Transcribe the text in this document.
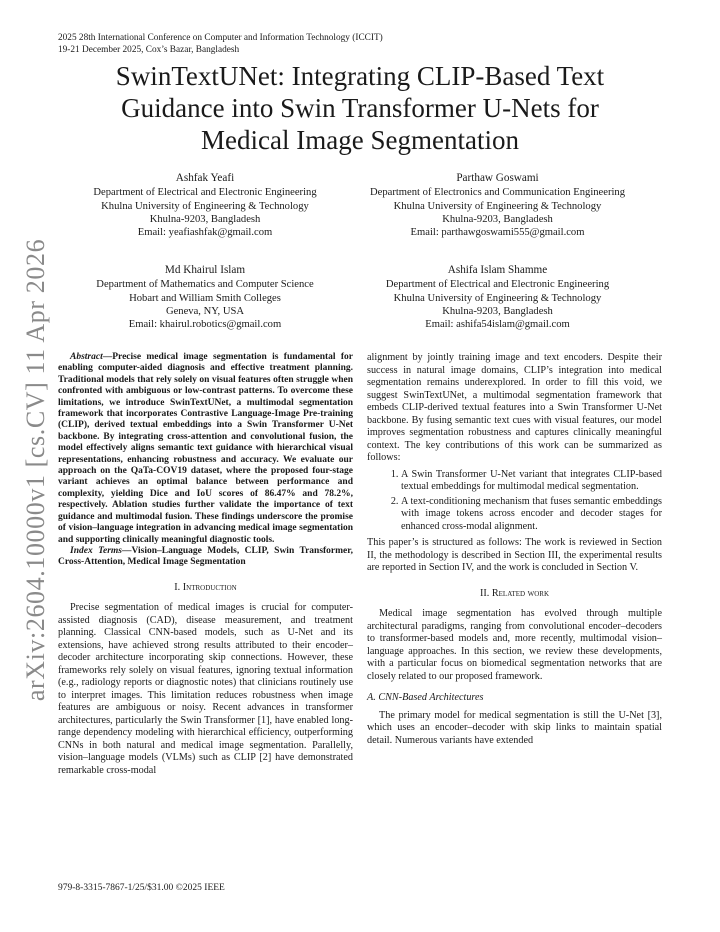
2025 28th International Conference on Computer and Information Technology (ICCIT)
19-21 December 2025, Cox’s Bazar, Bangladesh
arXiv:2604.10000v1 [cs.CV] 11 Apr 2026
SwinTextUNet: Integrating CLIP-Based Text
Guidance into Swin Transformer U-Nets for
Medical Image Segmentation
Ashfak Yeafi
Department of Electrical and Electronic Engineering
Khulna University of Engineering & Technology
Khulna-9203, Bangladesh
Email: yeafiashfak@gmail.com
Parthaw Goswami
Department of Electronics and Communication Engineering
Khulna University of Engineering & Technology
Khulna-9203, Bangladesh
Email: parthawgoswami555@gmail.com
Md Khairul Islam
Department of Mathematics and Computer Science
Hobart and William Smith Colleges
Geneva, NY, USA
Email: khairul.robotics@gmail.com
Ashifa Islam Shamme
Department of Electrical and Electronic Engineering
Khulna University of Engineering & Technology
Khulna-9203, Bangladesh
Email: ashifa54islam@gmail.com

Abstract—Precise medical image segmentation is fundamental for enabling computer-aided diagnosis and effective treatment planning. Traditional models that rely solely on visual features often struggle when confronted with ambiguous or low-contrast patterns. To overcome these limitations, we introduce SwinTextUNet, a multimodal segmentation framework that incorporates Contrastive Language-Image Pre-training (CLIP), derived textual embeddings into a Swin Transformer U-Net backbone. By integrating cross-attention and convolutional fusion, the model effectively aligns semantic text guidance with hierarchical visual representations, enhancing robustness and accuracy. We evaluate our approach on the QaTa-COV19 dataset, where the proposed four-stage variant achieves an optimal balance between performance and complexity, yielding Dice and IoU scores of 86.47% and 78.2%, respectively. Ablation studies further validate the importance of text guidance and multimodal fusion. These findings underscore the promise of vision–language integration in advancing medical image segmentation and supporting clinically meaningful diagnostic tools.

Index Terms—Vision–Language Models, CLIP, Swin Transformer, Cross-Attention, Medical Image Segmentation

I. Introduction

Precise segmentation of medical images is crucial for computer-assisted diagnosis (CAD), disease measurement, and treatment planning. Classical CNN-based models, such as U-Net and its extensions, have achieved strong results attributed to their encoder–decoder architecture incorporating skip connections. However, these frameworks rely solely on visual features, ignoring textual information (e.g., radiology reports or diagnostic notes) that clinicians routinely use to interpret images. This limitation reduces robustness when image features are ambiguous or noisy. Recent advances in transformer architectures, particularly the Swin Transformer [1], have enabled long-range dependency modeling with hierarchical efficiency, outperforming CNNs in both natural and medical image segmentation. Parallelly, vision–language models (VLMs) such as CLIP [2] have demonstrated remarkable cross-modal

alignment by jointly training image and text encoders. Despite their success in natural image domains, CLIP’s integration into medical segmentation remains underexplored. In order to fill this void, we suggest SwinTextUNet, a multimodal segmentation framework that embeds CLIP-derived textual features into a Swin Transformer U-Net backbone. By fusing semantic text cues with visual features, our model improves segmentation robustness and captures clinically meaningful context. The key contributions of this work can be summarized as follows:

1. A Swin Transformer U-Net variant that integrates CLIP-based textual embeddings for multimodal medical segmentation.
2. A text-conditioning mechanism that fuses semantic embeddings with image tokens across encoder and decoder stages for enhanced cross-modal alignment.

This paper’s is structured as follows: The work is reviewed in Section II, the methodology is described in Section III, the experimental results are reported in Section IV, and the work is concluded in Section V.

II. Related work

Medical image segmentation has evolved through multiple architectural paradigms, ranging from convolutional encoder–decoders to transformer-based models and, more recently, multimodal vision–language approaches. In this section, we review these developments, with a particular focus on biomedical segmentation networks that are closely related to our proposed framework.

A. CNN-Based Architectures

The primary model for medical segmentation is still the U-Net [3], which uses an encoder–decoder with skip links to maintain spatial detail. Numerous variants have extended

979-8-3315-7867-1/25/$31.00 ©2025 IEEE
